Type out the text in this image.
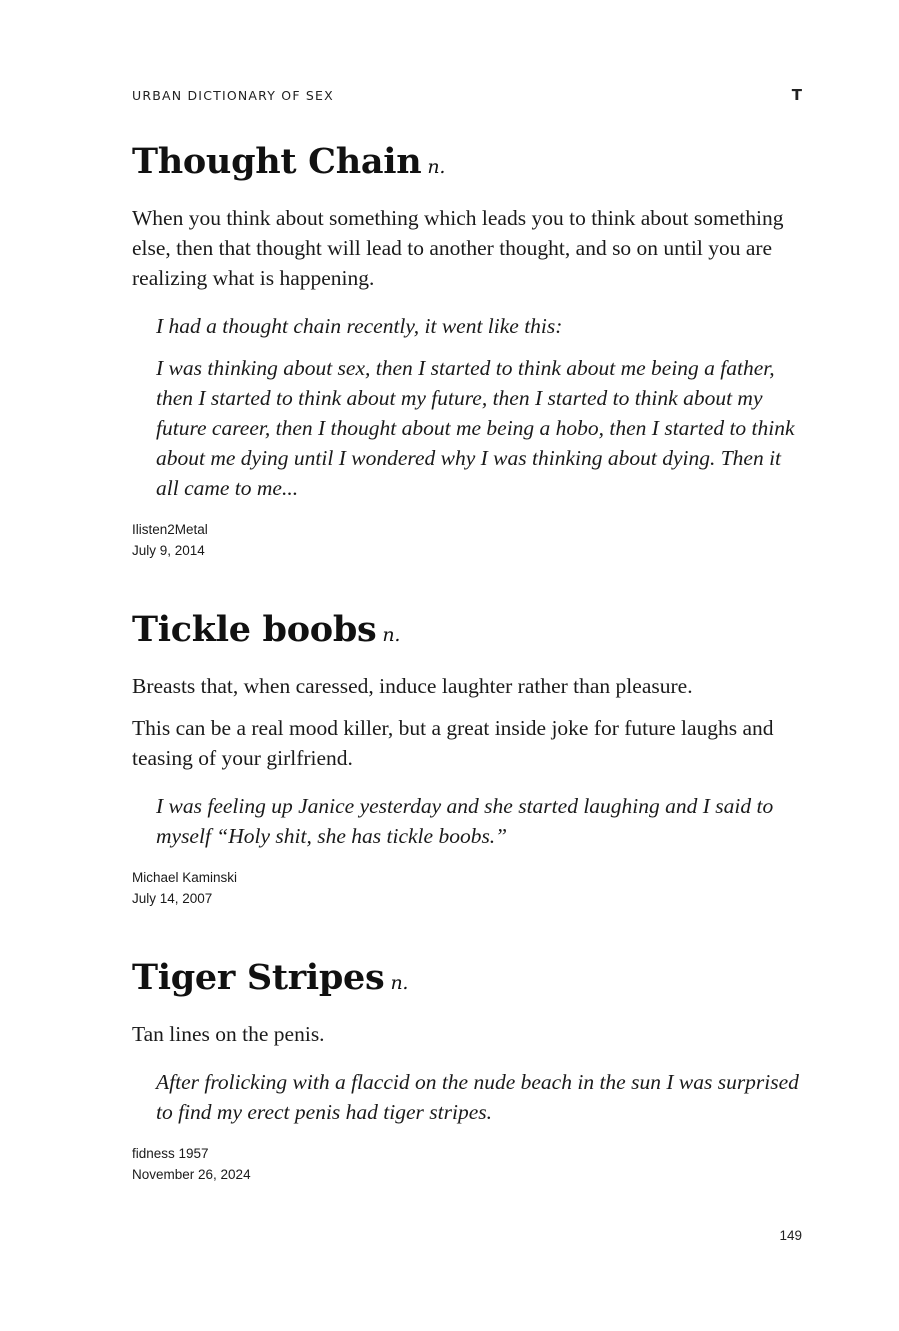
URBAN DICTIONARY OF SEX	T
Thought Chain n.

When you think about something which leads you to think about something else, then that thought will lead to another thought, and so on until you are realizing what is happening.

I had a thought chain recently, it went like this:

I was thinking about sex, then I started to think about me being a father, then I started to think about my future, then I started to think about my future career, then I thought about me being a hobo, then I started to think about me dying until I wondered why I was thinking about dying. Then it all came to me...

Ilisten2Metal
July 9, 2014
Tickle boobs n.

Breasts that, when caressed, induce laughter rather than pleasure.

This can be a real mood killer, but a great inside joke for future laughs and teasing of your girlfriend.

I was feeling up Janice yesterday and she started laughing and I said to myself “Holy shit, she has tickle boobs.”

Michael Kaminski
July 14, 2007
Tiger Stripes n.

Tan lines on the penis.

After frolicking with a flaccid on the nude beach in the sun I was surprised to find my erect penis had tiger stripes.

fidness 1957
November 26, 2024
149
